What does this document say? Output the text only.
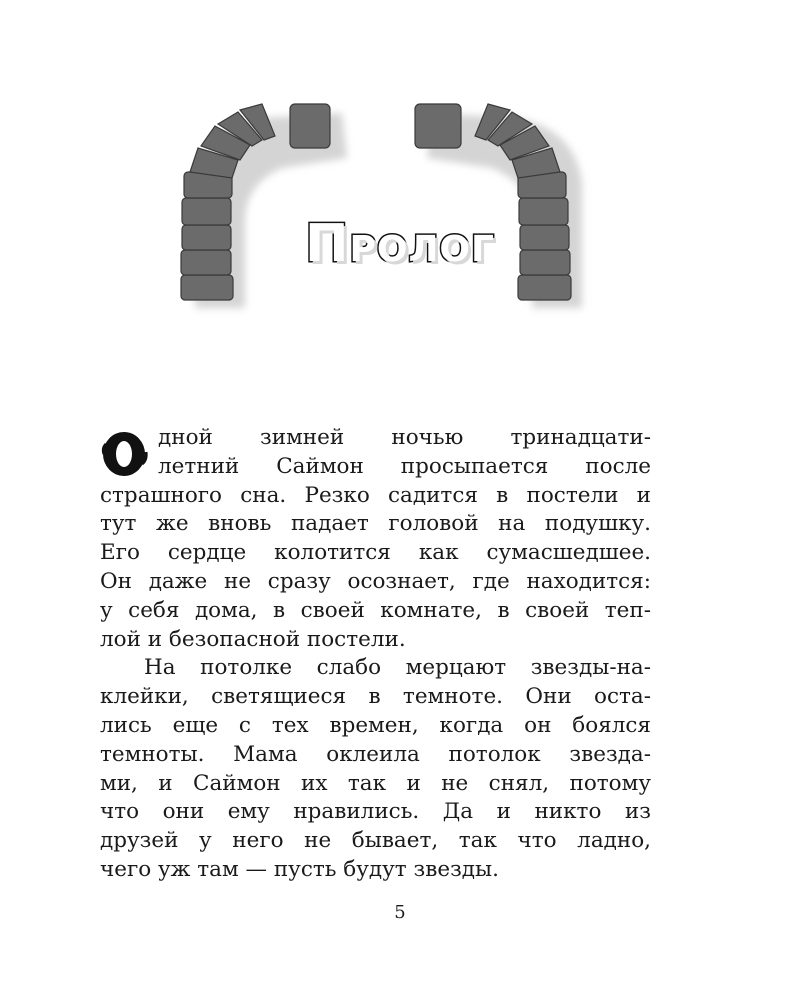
Пролог
дной зимней ночью тринадцати-
летний Саймон просыпается после
страшного сна. Резко садится в постели и
тут же вновь падает головой на подушку.
Его сердце колотится как сумасшедшее.
Он даже не сразу осознает, где находится:
у себя дома, в своей комнате, в своей теп-
лой и безопасной постели.
На потолке слабо мерцают звезды-на-
клейки, светящиеся в темноте. Они оста-
лись еще с тех времен, когда он боялся
темноты. Мама оклеила потолок звезда-
ми, и Саймон их так и не снял, потому
что они ему нравились. Да и никто из
друзей у него не бывает, так что ладно,
чего уж там — пусть будут звезды.

5
